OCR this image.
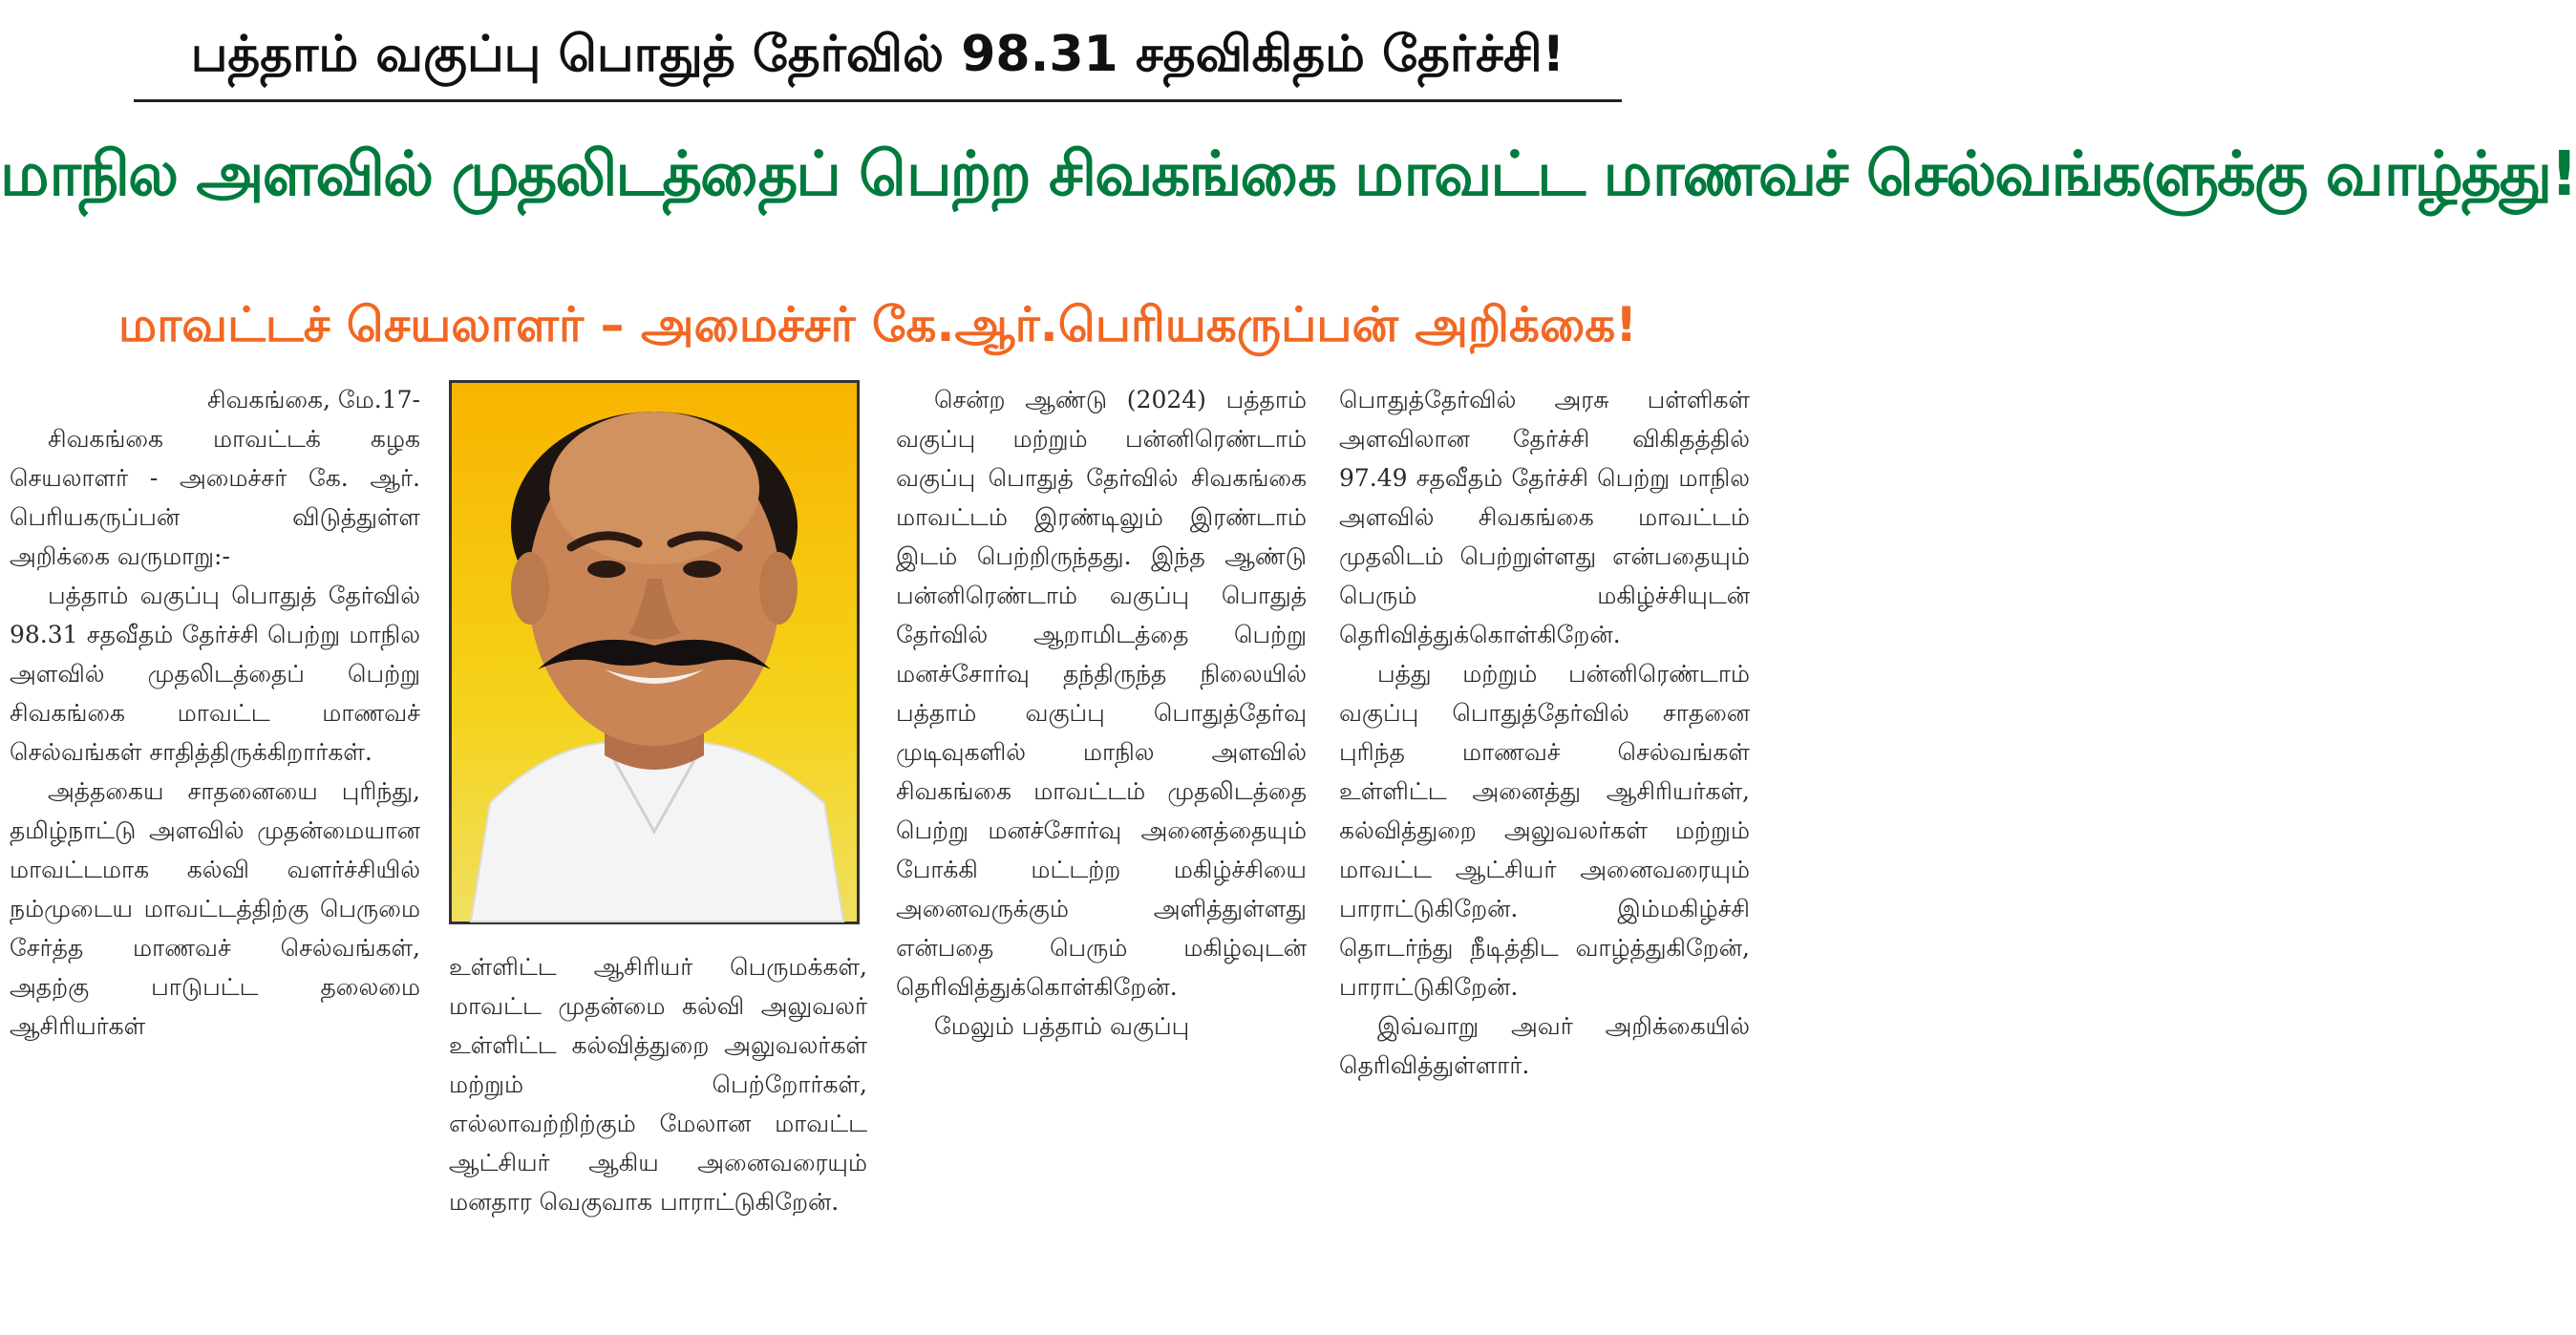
பத்தாம் வகுப்பு பொதுத் தேர்வில் 98.31 சதவிகிதம் தேர்ச்சி!
மாநில அளவில் முதலிடத்தைப் பெற்ற சிவகங்கை மாவட்ட மாணவச் செல்வங்களுக்கு வாழ்த்து!
மாவட்டச் செயலாளர் – அமைச்சர் கே.ஆர்.பெரியகருப்பன் அறிக்கை!

சிவகங்கை, மே.17-

சிவகங்கை மாவட்டக் கழக செயலாளர் - அமைச்சர் கே. ஆர். பெரியகருப்பன் விடுத்துள்ள அறிக்கை வருமாறு:-

பத்தாம் வகுப்பு பொதுத் தேர்வில் 98.31 சதவீதம் தேர்ச்சி பெற்று மாநில அளவில் முதலிடத்தைப் பெற்று சிவகங்கை மாவட்ட மாணவச் செல்வங்கள் சாதித்திருக்கிறார்கள்.

அத்தகைய சாதனையை புரிந்து, தமிழ்நாட்டு அளவில் முதன்மையான மாவட்டமாக கல்வி வளர்ச்சியில் நம்முடைய மாவட்டத்திற்கு பெருமை சேர்த்த மாணவச் செல்வங்கள், அதற்கு பாடுபட்ட தலைமை ஆசிரியர்கள்

உள்ளிட்ட ஆசிரியர் பெருமக்கள், மாவட்ட முதன்மை கல்வி அலுவலர் உள்ளிட்ட கல்வித்துறை அலுவலர்கள் மற்றும் பெற்றோர்கள், எல்லாவற்றிற்கும் மேலான மாவட்ட ஆட்சியர் ஆகிய அனைவரையும் மனதார வெகுவாக பாராட்டுகிறேன்.

சென்ற ஆண்டு (2024) பத்தாம் வகுப்பு மற்றும் பன்னிரெண்டாம் வகுப்பு பொதுத் தேர்வில் சிவகங்கை மாவட்டம் இரண்டிலும் இரண்டாம் இடம் பெற்றிருந்தது. இந்த ஆண்டு பன்னிரெண்டாம் வகுப்பு பொதுத் தேர்வில் ஆறாமிடத்தை பெற்று மனச்சோர்வு தந்திருந்த நிலையில் பத்தாம் வகுப்பு பொதுத்தேர்வு முடிவுகளில் மாநில அளவில் சிவகங்கை மாவட்டம் முதலிடத்தை பெற்று மனச்சோர்வு அனைத்தையும் போக்கி மட்டற்ற மகிழ்ச்சியை அனைவருக்கும் அளித்துள்ளது என்பதை பெரும் மகிழ்வுடன் தெரிவித்துக்கொள்கிறேன்.

மேலும் பத்தாம் வகுப்பு

பொதுத்தேர்வில் அரசு பள்ளிகள் அளவிலான தேர்ச்சி விகிதத்தில் 97.49 சதவீதம் தேர்ச்சி பெற்று மாநில அளவில் சிவகங்கை மாவட்டம் முதலிடம் பெற்றுள்ளது என்பதையும் பெரும் மகிழ்ச்சியுடன் தெரிவித்துக்கொள்கிறேன்.

பத்து மற்றும் பன்னிரெண்டாம் வகுப்பு பொதுத்தேர்வில் சாதனை புரிந்த மாணவச் செல்வங்கள் உள்ளிட்ட அனைத்து ஆசிரியர்கள், கல்வித்துறை அலுவலர்கள் மற்றும் மாவட்ட ஆட்சியர் அனைவரையும் பாராட்டுகிறேன். இம்மகிழ்ச்சி தொடர்ந்து நீடித்திட வாழ்த்துகிறேன், பாராட்டுகிறேன்.

இவ்வாறு அவர் அறிக்கையில் தெரிவித்துள்ளார்.
